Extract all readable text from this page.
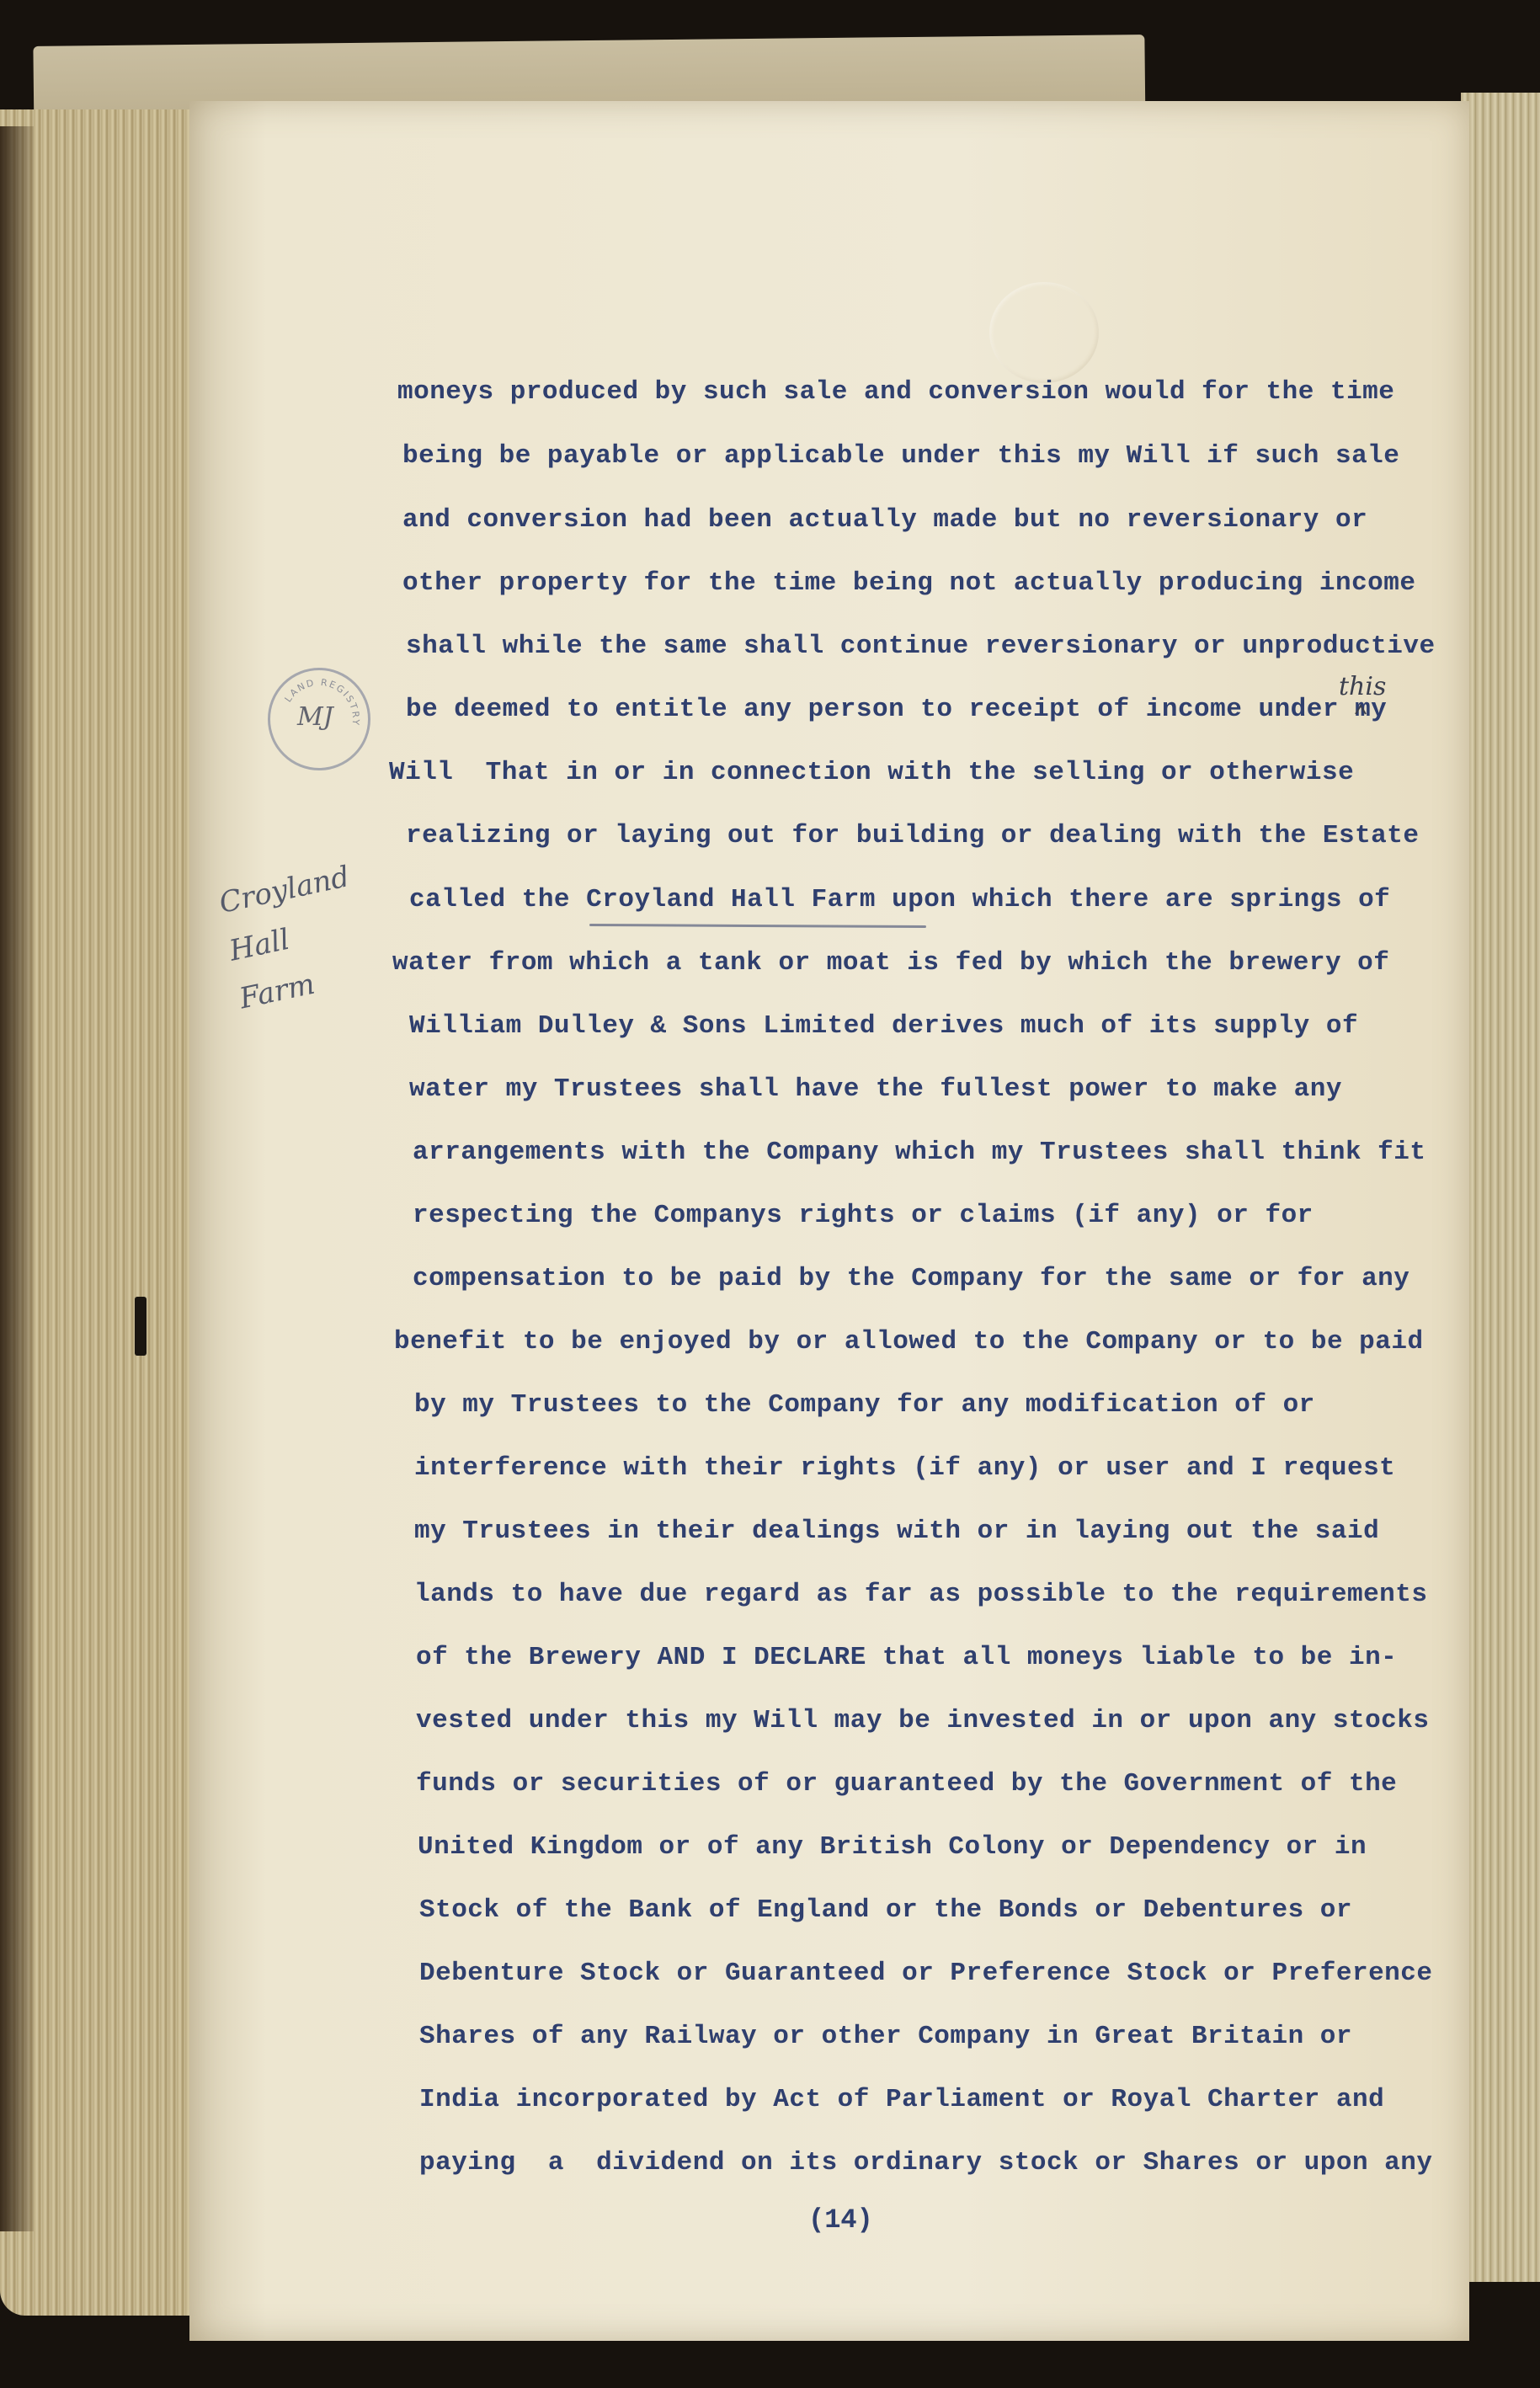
moneys produced by such sale and conversion would for the time

being be payable or applicable under this my Will if such sale

and conversion had been actually made but no reversionary or

other property for the time being not actually producing income

shall while the same shall continue reversionary or unproductive

be deemed to entitle any person to receipt of income under my

Will  That in or in connection with the selling or otherwise

realizing or laying out for building or dealing with the Estate

called the Croyland Hall Farm upon which there are springs of

water from which a tank or moat is fed by which the brewery of

William Dulley & Sons Limited derives much of its supply of

water my Trustees shall have the fullest power to make any

arrangements with the Company which my Trustees shall think fit

respecting the Companys rights or claims (if any) or for

compensation to be paid by the Company for the same or for any

benefit to be enjoyed by or allowed to the Company or to be paid

by my Trustees to the Company for any modification of or

interference with their rights (if any) or user and I request

my Trustees in their dealings with or in laying out the said

lands to have due regard as far as possible to the requirements

of the Brewery AND I DECLARE that all moneys liable to be in-

vested under this my Will may be invested in or upon any stocks

funds or securities of or guaranteed by the Government of the

United Kingdom or of any British Colony or Dependency or in

Stock of the Bank of England or the Bonds or Debentures or

Debenture Stock or Guaranteed or Preference Stock or Preference

Shares of any Railway or other Company in Great Britain or

India incorporated by Act of Parliament or Royal Charter and

paying  a  dividend on its ordinary stock or Shares or upon any

LAND REGISTRY
MJ
Croyland Hall Farm
this
(14)
